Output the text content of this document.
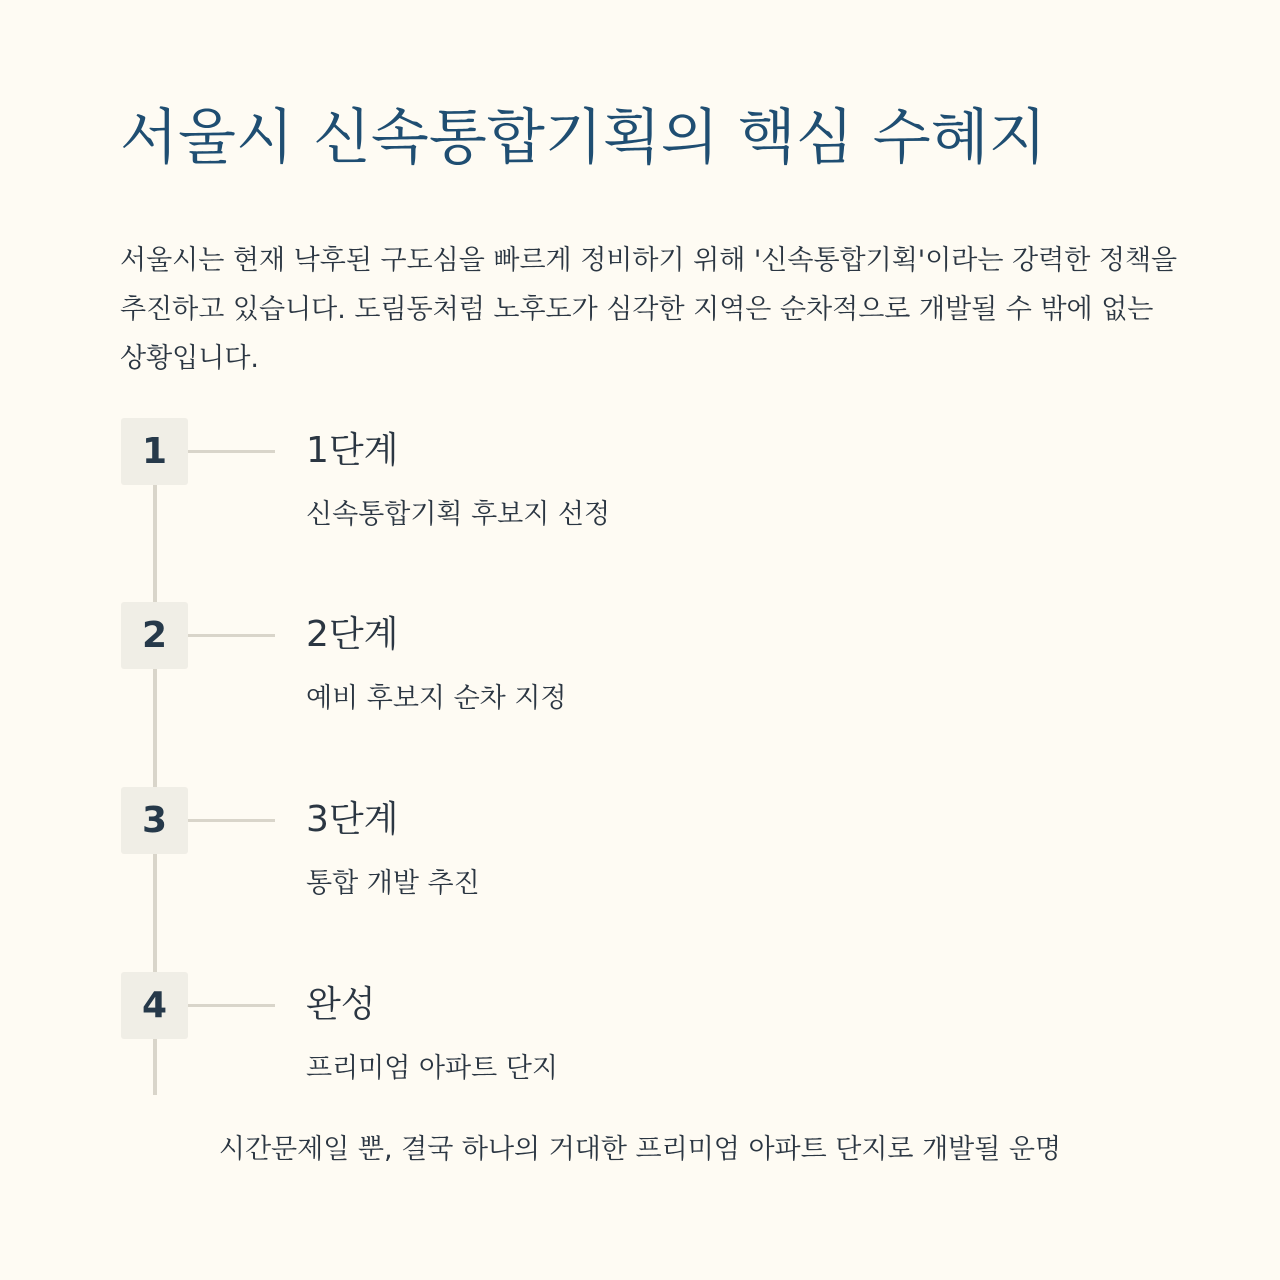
서울시 신속통합기획의 핵심 수혜지

서울시는 현재 낙후된 구도심을 빠르게 정비하기 위해 '신속통합기획'이라는 강력한 정책을 추진하고 있습니다. 도림동처럼 노후도가 심각한 지역은 순차적으로 개발될 수 밖에 없는 상황입니다.

1	1단계
신속통합기획 후보지 선정
2	2단계
예비 후보지 순차 지정
3	3단계
통합 개발 추진
4	완성
프리미엄 아파트 단지
시간문제일 뿐, 결국 하나의 거대한 프리미엄 아파트 단지로 개발될 운명
